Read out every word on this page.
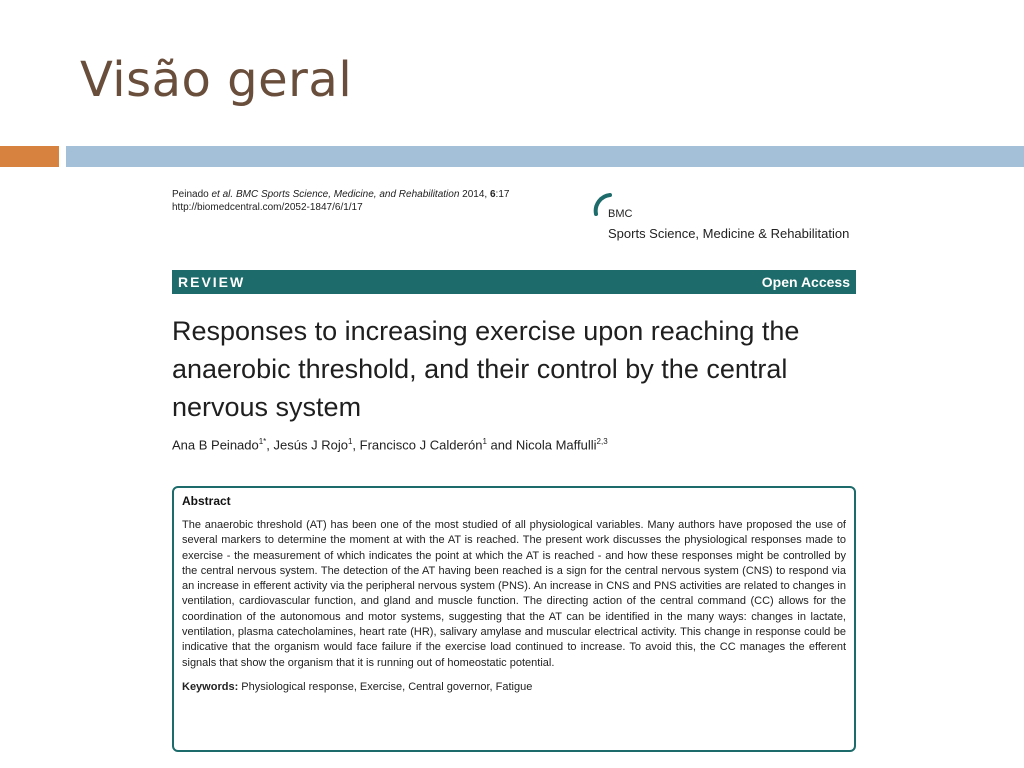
Visão geral
Peinado et al. BMC Sports Science, Medicine, and Rehabilitation 2014, 6:17
http://biomedcentral.com/2052-1847/6/1/17
BMC
Sports Science, Medicine & Rehabilitation
REVIEW	Open Access
Responses to increasing exercise upon reaching the anaerobic threshold, and their control by the central nervous system
Ana B Peinado$^{1*}$, Jesús J Rojo$^1$, Francisco J Calderón$^1$ and Nicola Maffulli$^{2,3}$
Abstract
The anaerobic threshold (AT) has been one of the most studied of all physiological variables. Many authors have proposed the use of several markers to determine the moment at with the AT is reached. The present work discusses the physiological responses made to exercise - the measurement of which indicates the point at which the AT is reached - and how these responses might be controlled by the central nervous system. The detection of the AT having been reached is a sign for the central nervous system (CNS) to respond via an increase in efferent activity via the peripheral nervous system (PNS). An increase in CNS and PNS activities are related to changes in ventilation, cardiovascular function, and gland and muscle function. The directing action of the central command (CC) allows for the coordination of the autonomous and motor systems, suggesting that the AT can be identified in the many ways: changes in lactate, ventilation, plasma catecholamines, heart rate (HR), salivary amylase and muscular electrical activity. This change in response could be indicative that the organism would face failure if the exercise load continued to increase. To avoid this, the CC manages the efferent signals that show the organism that it is running out of homeostatic potential.
Keywords: Physiological response, Exercise, Central governor, Fatigue
